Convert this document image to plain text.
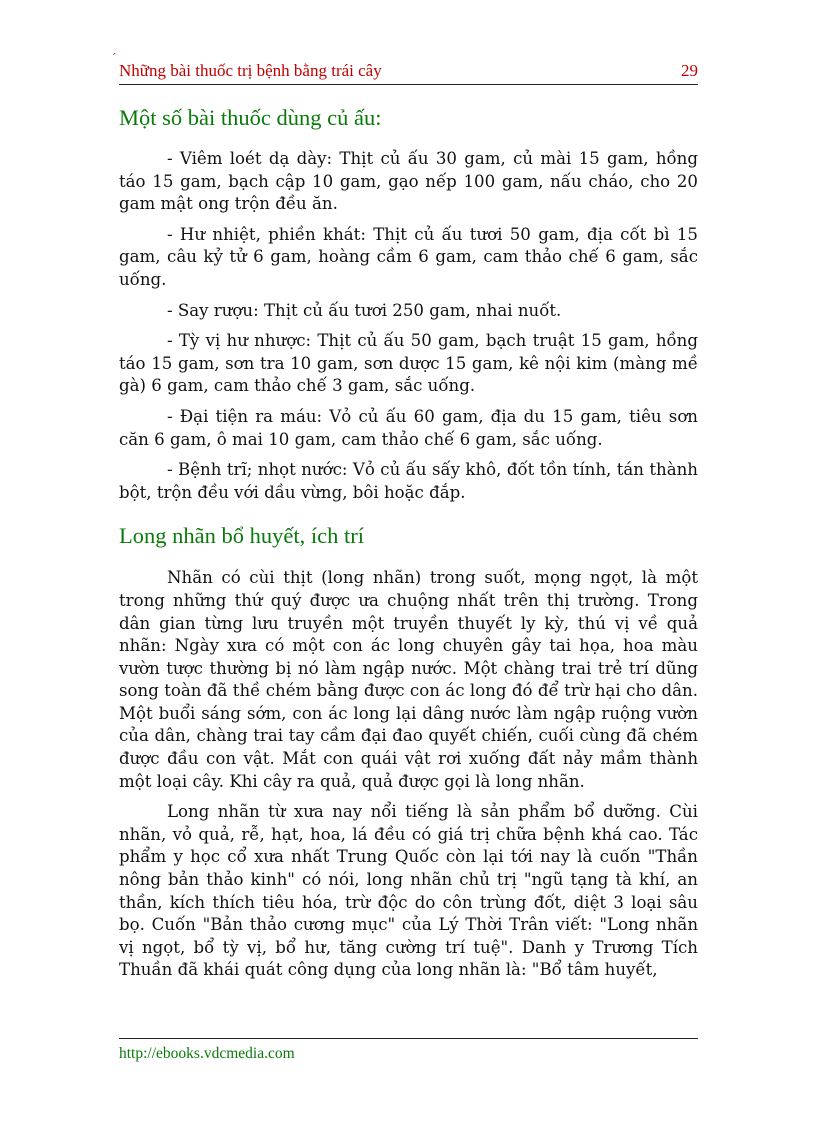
´
Những bài thuốc trị bệnh bằng trái cây	29
Một số bài thuốc dùng củ ấu:

- Viêm loét dạ dày: Thịt củ ấu 30 gam, củ mài 15 gam, hồng táo 15 gam, bạch cập 10 gam, gạo nếp 100 gam, nấu cháo, cho 20 gam mật ong trộn đều ăn.

- Hư nhiệt, phiền khát: Thịt củ ấu tươi 50 gam, địa cốt bì 15 gam, câu kỷ tử 6 gam, hoàng cầm 6 gam, cam thảo chế 6 gam, sắc uống.

- Say rượu: Thịt củ ấu tươi 250 gam, nhai nuốt.

- Tỳ vị hư nhược: Thịt củ ấu 50 gam, bạch truật 15 gam, hồng táo 15 gam, sơn tra 10 gam, sơn dược 15 gam, kê nội kim (màng mề gà) 6 gam, cam thảo chế 3 gam, sắc uống.

- Đại tiện ra máu: Vỏ củ ấu 60 gam, địa du 15 gam, tiêu sơn căn 6 gam, ô mai 10 gam, cam thảo chế 6 gam, sắc uống.

- Bệnh trĩ; nhọt nước: Vỏ củ ấu sấy khô, đốt tồn tính, tán thành bột, trộn đều với dầu vừng, bôi hoặc đắp.

Long nhãn bổ huyết, ích trí

Nhãn có cùi thịt (long nhãn) trong suốt, mọng ngọt, là một trong những thứ quý được ưa chuộng nhất trên thị trường. Trong dân gian từng lưu truyền một truyền thuyết ly kỳ, thú vị về quả nhãn: Ngày xưa có một con ác long chuyên gây tai họa, hoa màu vườn tược thường bị nó làm ngập nước. Một chàng trai trẻ trí dũng song toàn đã thề chém bằng được con ác long đó để trừ hại cho dân. Một buổi sáng sớm, con ác long lại dâng nước làm ngập ruộng vườn của dân, chàng trai tay cầm đại đao quyết chiến, cuối cùng đã chém được đầu con vật. Mắt con quái vật rơi xuống đất nảy mầm thành một loại cây. Khi cây ra quả, quả được gọi là long nhãn.

Long nhãn từ xưa nay nổi tiếng là sản phẩm bổ dưỡng. Cùi nhãn, vỏ quả, rễ, hạt, hoa, lá đều có giá trị chữa bệnh khá cao. Tác phẩm y học cổ xưa nhất Trung Quốc còn lại tới nay là cuốn "Thần nông bản thảo kinh" có nói, long nhãn chủ trị "ngũ tạng tà khí, an thần, kích thích tiêu hóa, trừ độc do côn trùng đốt, diệt 3 loại sâu bọ. Cuốn "Bản thảo cương mục" của Lý Thời Trân viết: "Long nhãn vị ngọt, bổ tỳ vị, bổ hư, tăng cường trí tuệ". Danh y Trương Tích Thuần đã khái quát công dụng của long nhãn là: "Bổ tâm huyết,

http://ebooks.vdcmedia.com
